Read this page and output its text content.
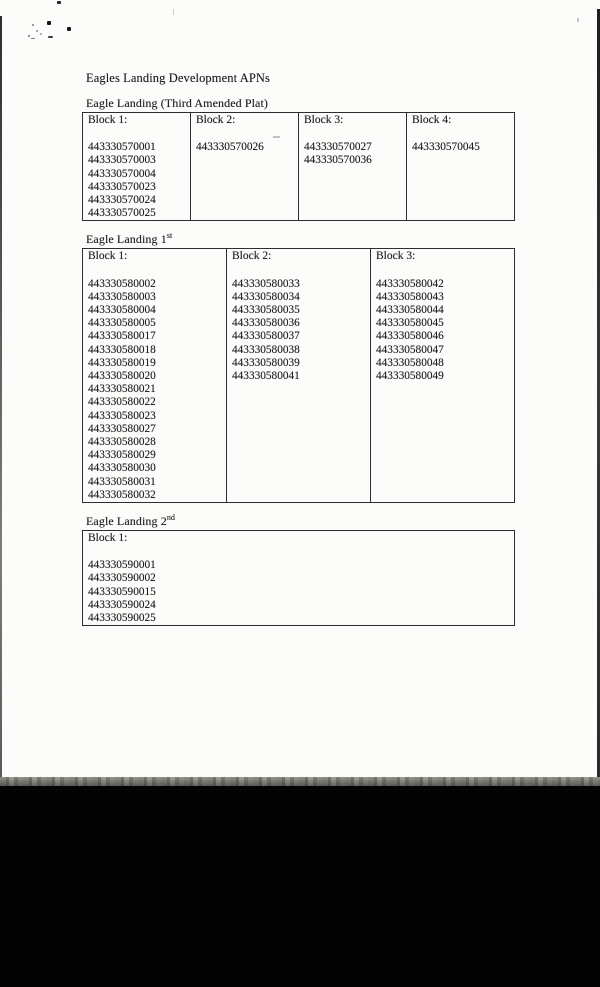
Eagles Landing Development APNs
–
Eagle Landing (Third Amended Plat)
Block 1:
443330570001
443330570003
443330570004
443330570023
443330570024
443330570025

Block 2:
443330570026

Block 3:
443330570027
443330570036

Block 4:
443330570045
Eagle Landing 1st
Block 1:
443330580002
443330580003
443330580004
443330580005
443330580017
443330580018
443330580019
443330580020
443330580021
443330580022
443330580023
443330580027
443330580028
443330580029
443330580030
443330580031
443330580032

Block 2:
443330580033
443330580034
443330580035
443330580036
443330580037
443330580038
443330580039
443330580041

Block 3:
443330580042
443330580043
443330580044
443330580045
443330580046
443330580047
443330580048
443330580049
Eagle Landing 2nd
Block 1:
443330590001
443330590002
443330590015
443330590024
443330590025
